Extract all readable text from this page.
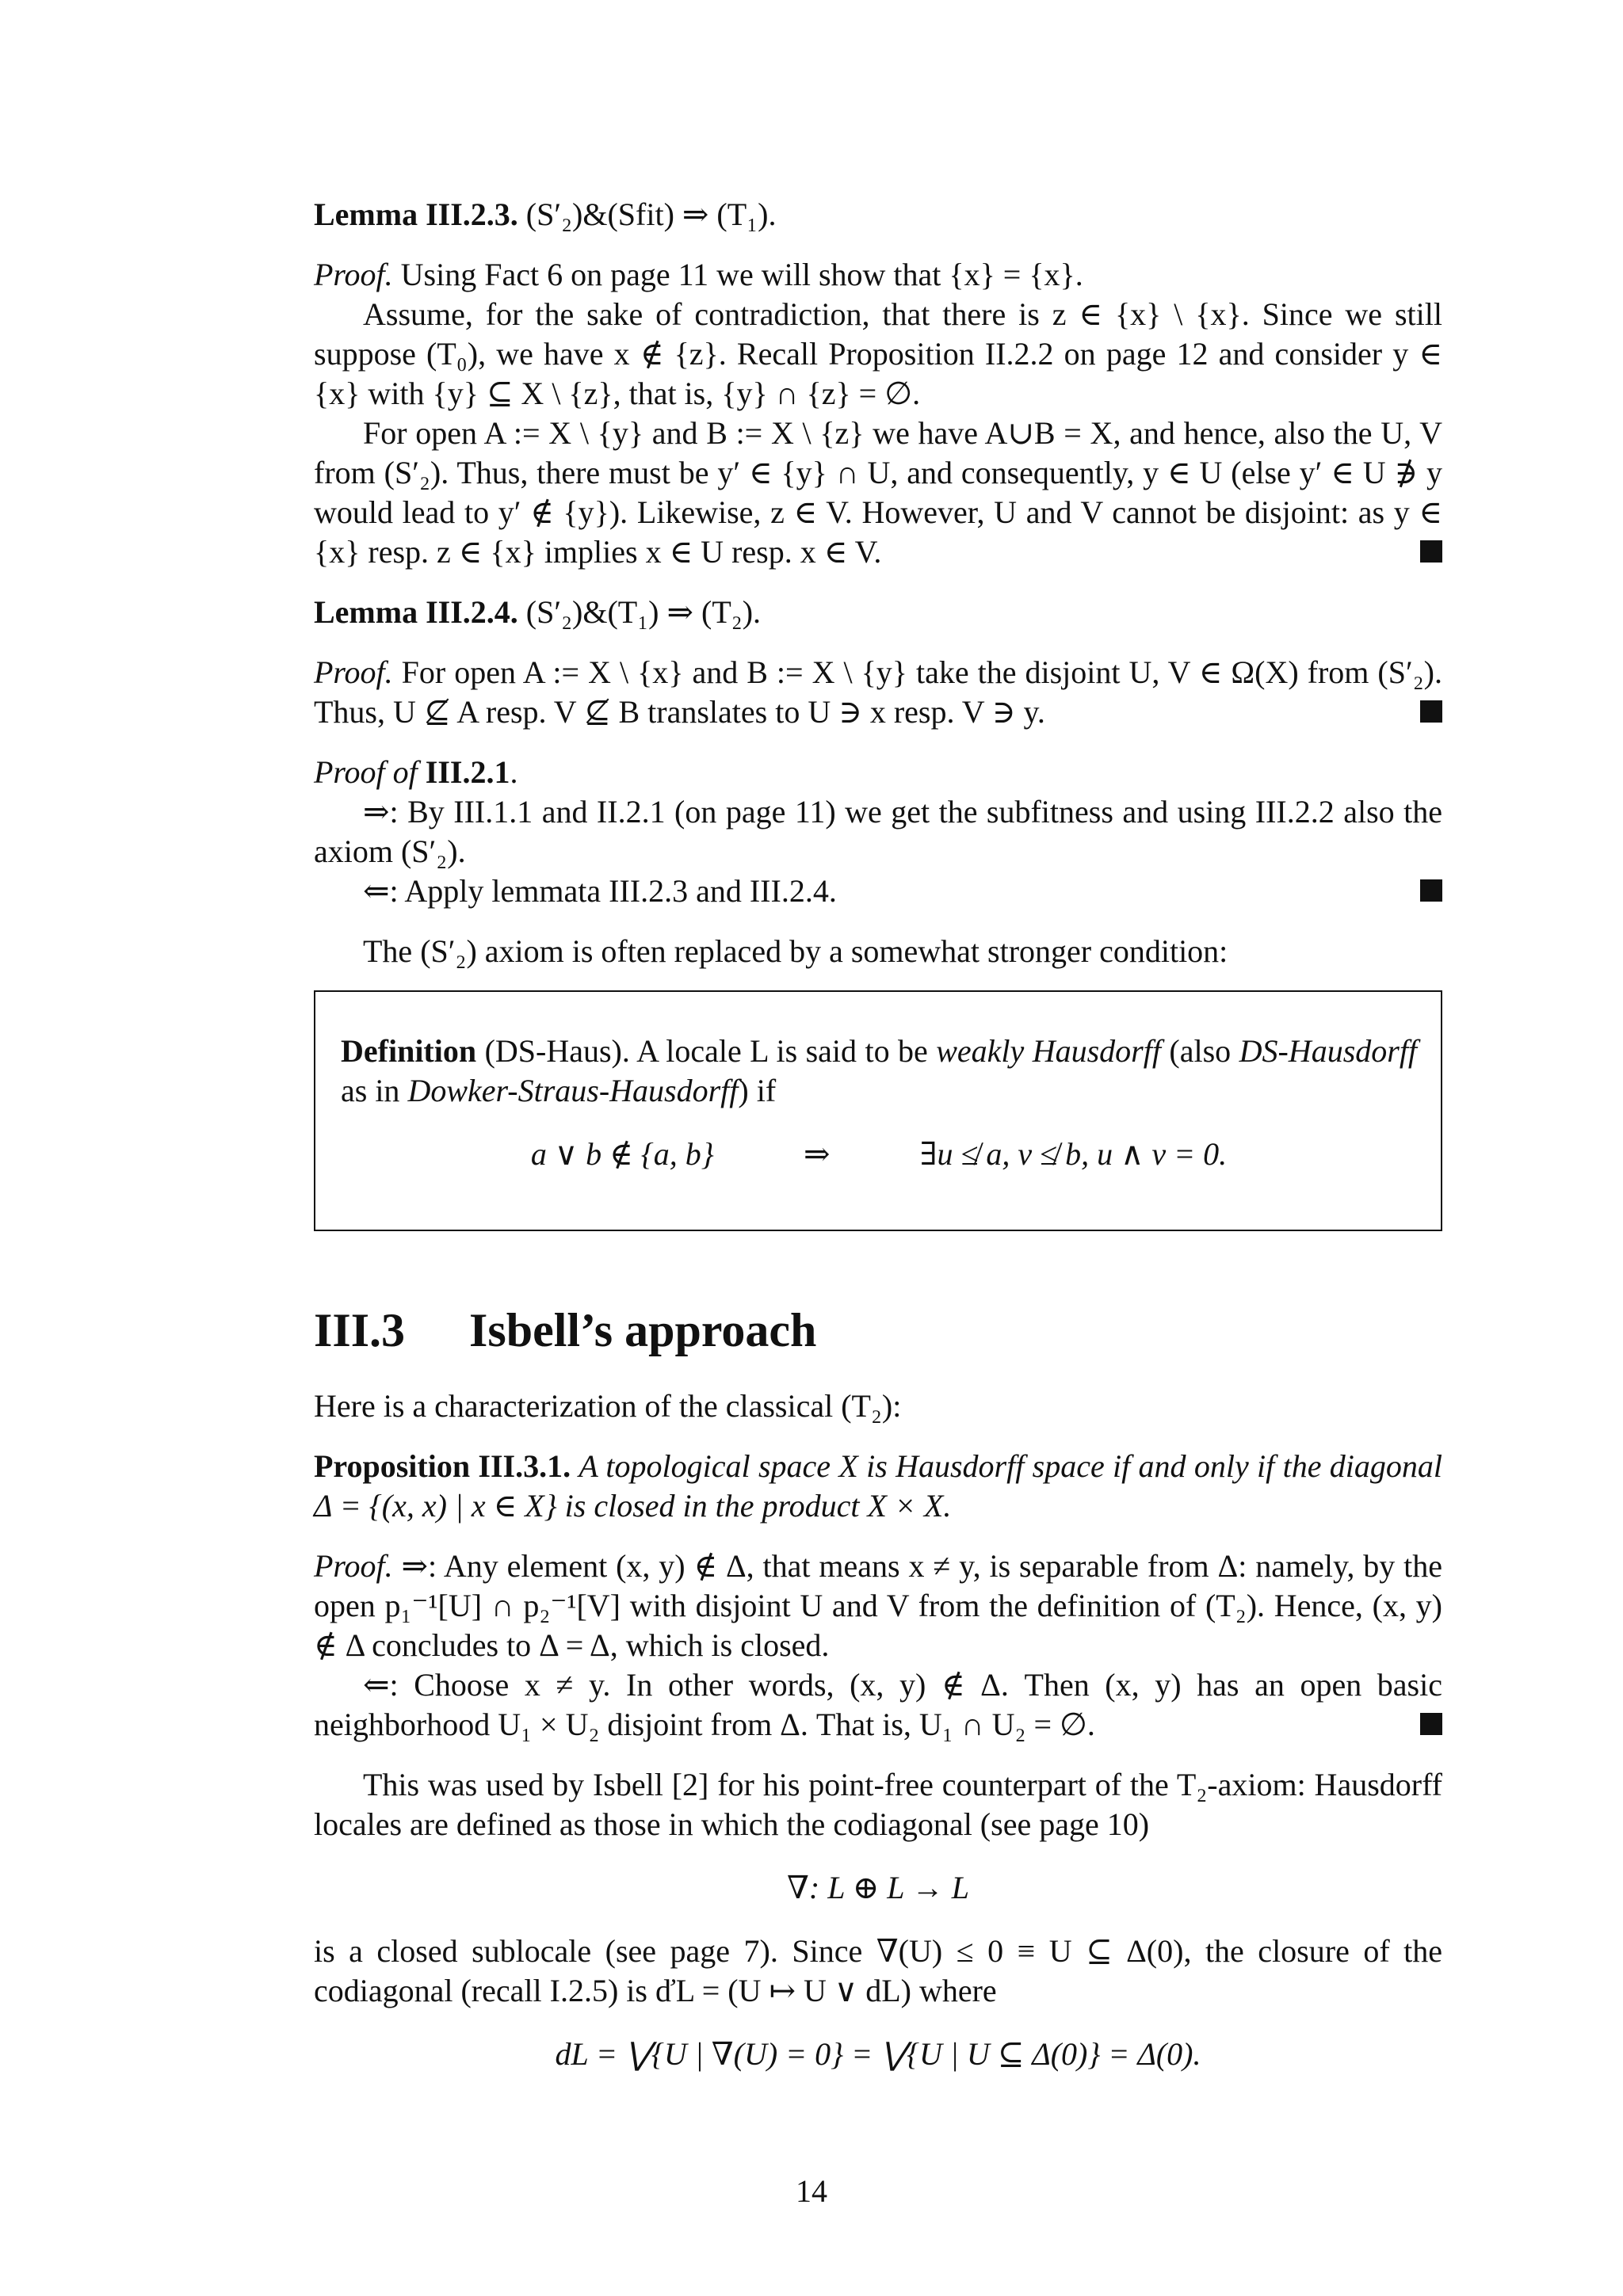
Lemma III.2.3. (S′₂)&(Sfit) ⇒ (T₁).

Proof. Using Fact 6 on page 11 we will show that {x} = {x}.

Assume, for the sake of contradiction, that there is z ∈ {x} \ {x}. Since we still suppose (T₀), we have x ∉ {z}. Recall Proposition II.2.2 on page 12 and consider y ∈ {x} with {y} ⊆ X \ {z}, that is, {y} ∩ {z} = ∅.

For open A := X \ {y} and B := X \ {z} we have A∪B = X, and hence, also the U, V from (S′₂). Thus, there must be y′ ∈ {y} ∩ U, and consequently, y ∈ U (else y′ ∈ U ∌ y would lead to y′ ∉ {y}). Likewise, z ∈ V. However, U and V cannot be disjoint: as y ∈ {x} resp. z ∈ {x} implies x ∈ U resp. x ∈ V.

Lemma III.2.4. (S′₂)&(T₁) ⇒ (T₂).

Proof. For open A := X \ {x} and B := X \ {y} take the disjoint U, V ∈ Ω(X) from (S′₂). Thus, U ⊈ A resp. V ⊈ B translates to U ∋ x resp. V ∋ y.

Proof of III.2.1.

⇒: By III.1.1 and II.2.1 (on page 11) we get the subfitness and using III.2.2 also the axiom (S′₂).

⇐: Apply lemmata III.2.3 and III.2.4.

The (S′₂) axiom is often replaced by a somewhat stronger condition:

Definition (DS-Haus). A locale L is said to be weakly Hausdorff (also DS-Hausdorff as in Dowker-Straus-Hausdorff) if

a ∨ b ∉ {a, b}	⇒	∃u ≰ a, v ≰ b, u ∧ v = 0.
III.3 Isbell’s approach

Here is a characterization of the classical (T₂):

Proposition III.3.1. A topological space X is Hausdorff space if and only if the diagonal Δ = {(x, x) | x ∈ X} is closed in the product X × X.

Proof. ⇒: Any element (x, y) ∉ Δ, that means x ≠ y, is separable from Δ: namely, by the open p₁⁻¹[U] ∩ p₂⁻¹[V] with disjoint U and V from the definition of (T₂). Hence, (x, y) ∉ Δ concludes to Δ = Δ, which is closed.

⇐: Choose x ≠ y. In other words, (x, y) ∉ Δ. Then (x, y) has an open basic neighborhood U₁ × U₂ disjoint from Δ. That is, U₁ ∩ U₂ = ∅.

This was used by Isbell [2] for his point-free counterpart of the T₂-axiom: Hausdorff locales are defined as those in which the codiagonal (see page 10)

∇: L ⊕ L → L

is a closed sublocale (see page 7). Since ∇(U) ≤ 0 ≡ U ⊆ Δ(0), the closure of the codiagonal (recall I.2.5) is ďL = (U ↦ U ∨ dL) where

dL = ⋁{U | ∇(U) = 0} = ⋁{U | U ⊆ Δ(0)} = Δ(0).
14
